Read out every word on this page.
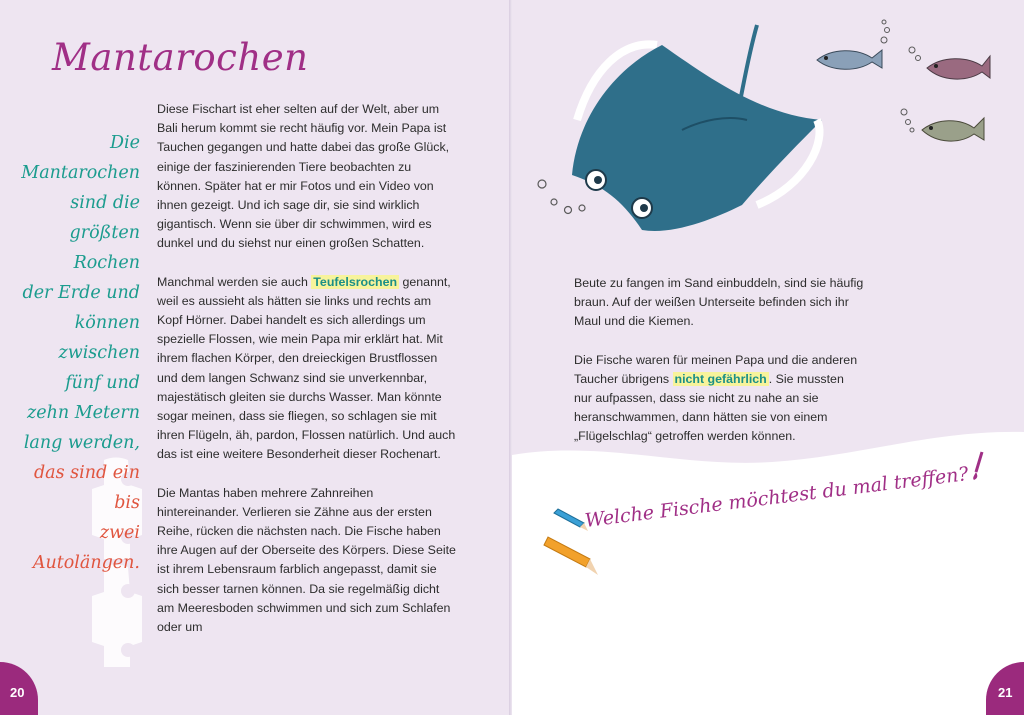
Mantarochen
Die
Mantarochen
sind die
größten Rochen
der Erde und
können zwischen
fünf und
zehn Metern
lang werden,
das sind ein bis
zwei Autolängen.

Diese Fischart ist eher selten auf der Welt, aber um Bali herum kommt sie recht häufig vor. Mein Papa ist Tauchen gegangen und hatte dabei das große Glück, einige der faszinierenden Tiere beobachten zu können. Später hat er mir Fotos und ein Video von ihnen gezeigt. Und ich sage dir, sie sind wirklich gigantisch. Wenn sie über dir schwimmen, wird es dunkel und du siehst nur einen großen Schatten.

Manchmal werden sie auch Teufelsrochen genannt, weil es aussieht als hätten sie links und rechts am Kopf Hörner. Dabei handelt es sich allerdings um spezielle Flossen, wie mein Papa mir erklärt hat. Mit ihrem flachen Körper, den dreieckigen Brustflossen und dem langen Schwanz sind sie unverkennbar, majestätisch gleiten sie durchs Wasser. Man könnte sogar meinen, dass sie fliegen, so schlagen sie mit ihren Flügeln, äh, pardon, Flossen natürlich. Und auch das ist eine weitere Besonderheit dieser Rochenart.

Die Mantas haben mehrere Zahnreihen hintereinander. Verlieren sie Zähne aus der ersten Reihe, rücken die nächsten nach. Die Fische haben ihre Augen auf der Oberseite des Körpers. Diese Seite ist ihrem Lebensraum farblich angepasst, damit sie sich besser tarnen können. Da sie regelmäßig dicht am Meeresboden schwimmen und sich zum Schlafen oder um

20

Beute zu fangen im Sand einbuddeln, sind sie häufig braun. Auf der weißen Unterseite befinden sich ihr Maul und die Kiemen.

Die Fische waren für meinen Papa und die anderen Taucher übrigens nicht gefährlich . Sie mussten nur aufpassen, dass sie nicht zu nahe an sie heranschwammen, dann hätten sie von einem „Flügelschlag“ getroffen werden können.

Welche Fische möchtest du mal treffen?
21
